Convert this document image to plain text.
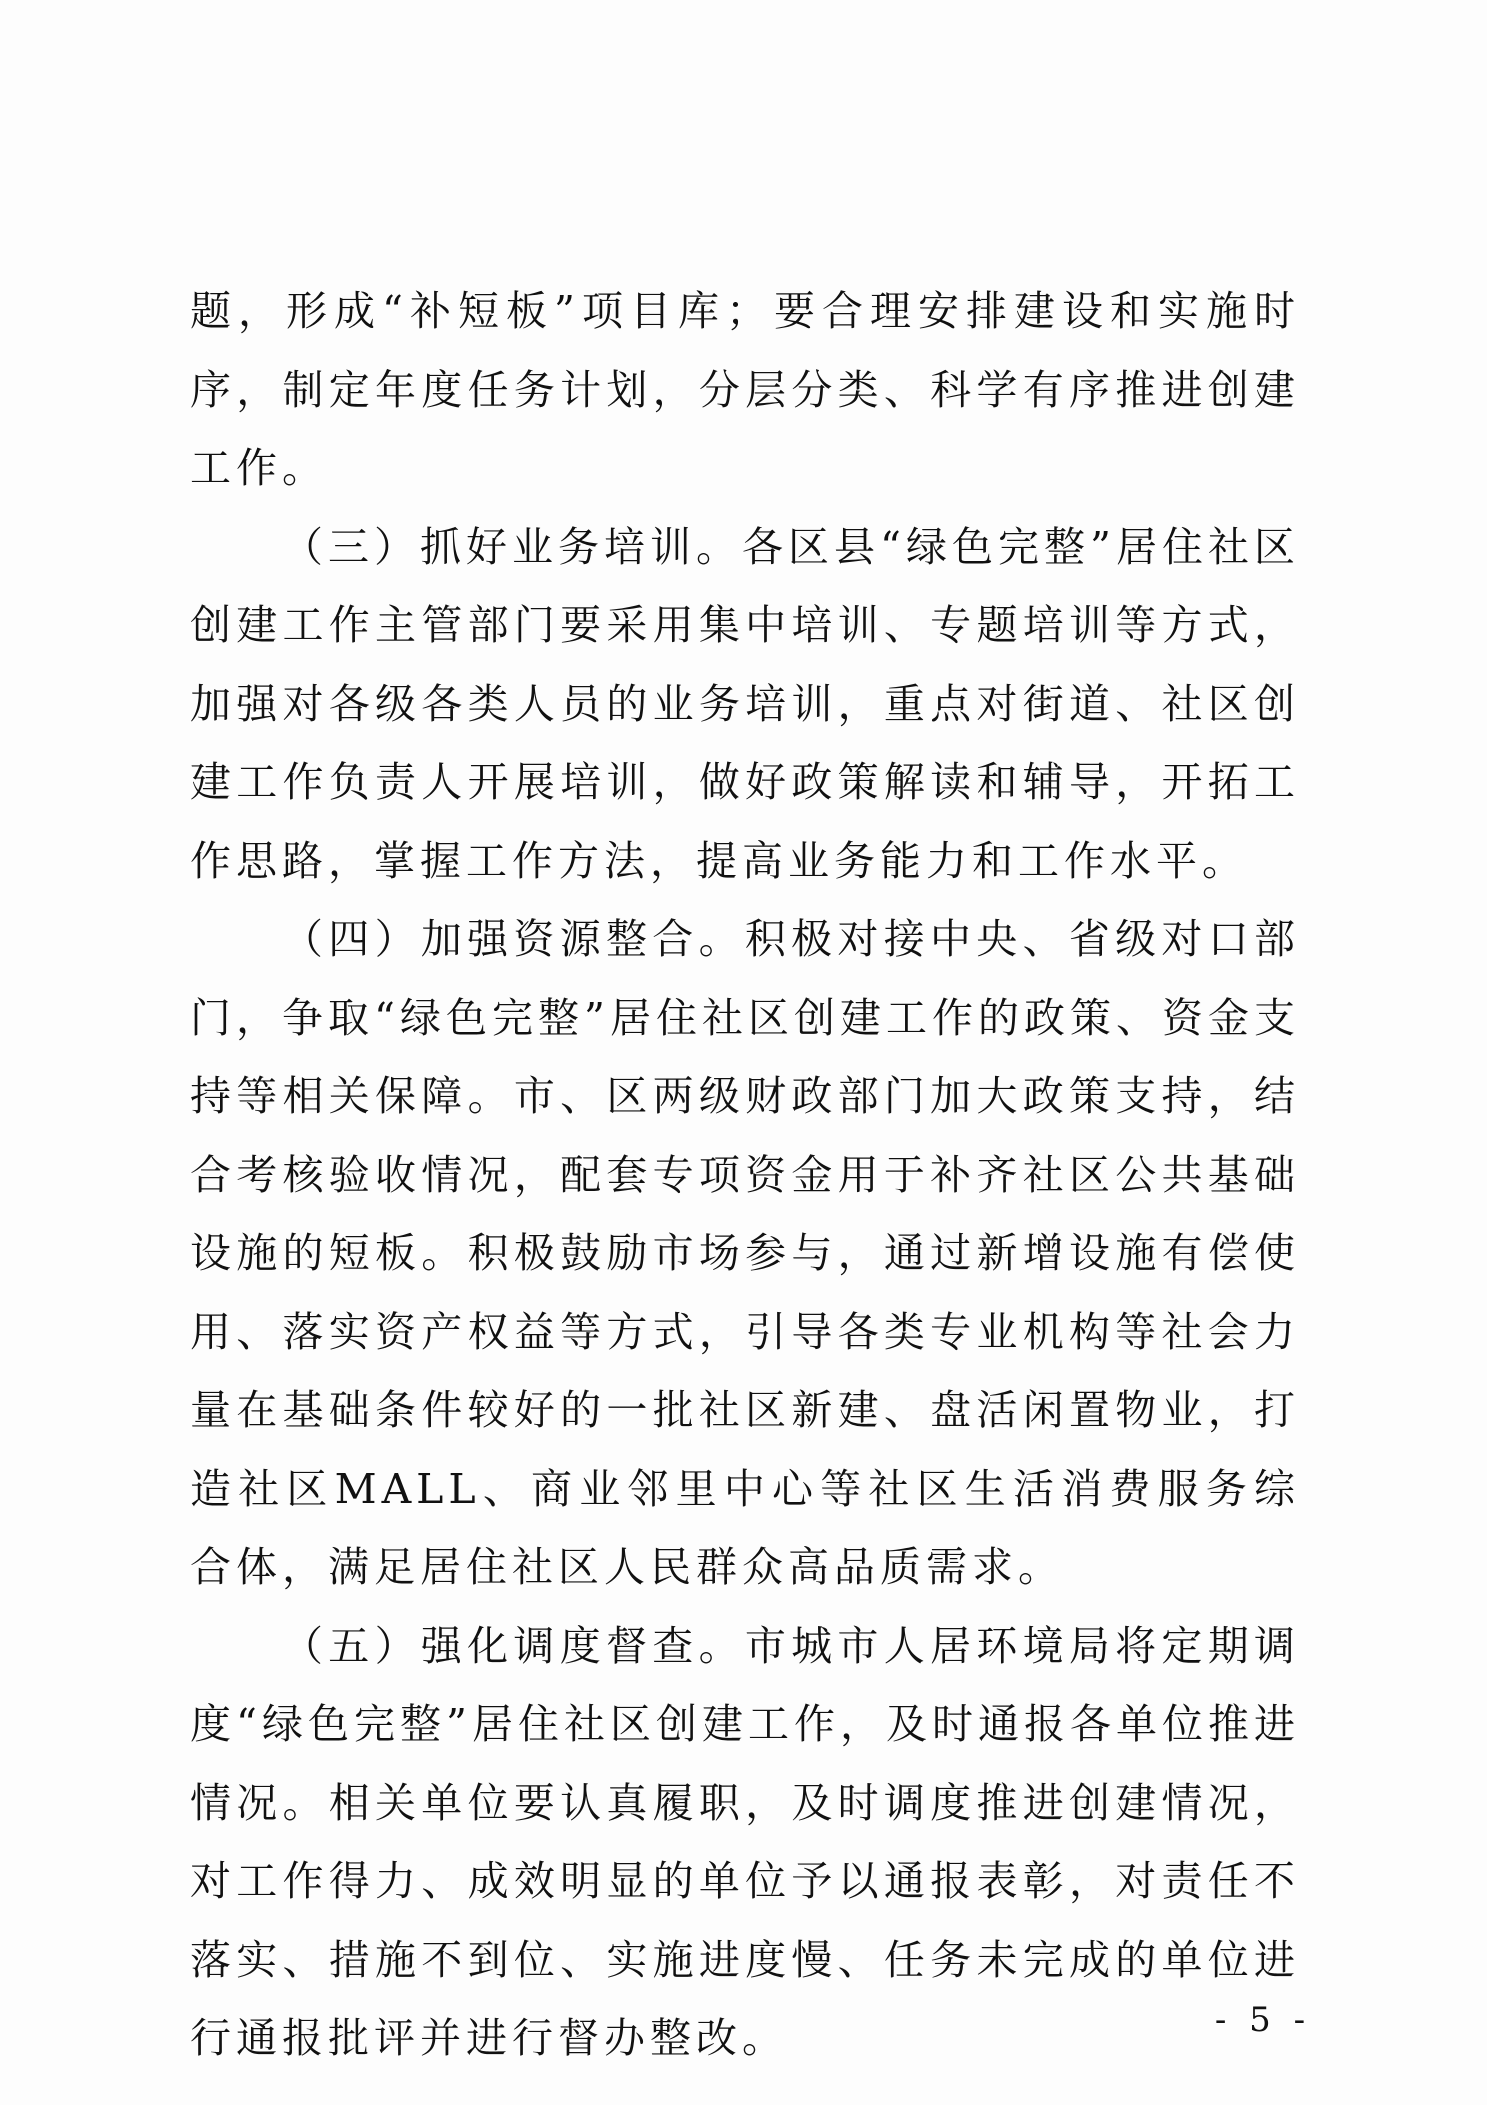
题，形成“补短板”项目库；要合理安排建设和实施时序，制定年度任务计划，分层分类、科学有序推进创建工作。

（三）抓好业务培训。各区县“绿色完整”居住社区创建工作主管部门要采用集中培训、专题培训等方式，加强对各级各类人员的业务培训，重点对街道、社区创建工作负责人开展培训，做好政策解读和辅导，开拓工作思路，掌握工作方法，提高业务能力和工作水平。

（四）加强资源整合。积极对接中央、省级对口部门，争取“绿色完整”居住社区创建工作的政策、资金支持等相关保障。市、区两级财政部门加大政策支持，结合考核验收情况，配套专项资金用于补齐社区公共基础设施的短板。积极鼓励市场参与，通过新增设施有偿使用、落实资产权益等方式，引导各类专业机构等社会力量在基础条件较好的一批社区新建、盘活闲置物业，打造社区MALL、商业邻里中心等社区生活消费服务综合体，满足居住社区人民群众高品质需求。

（五）强化调度督查。市城市人居环境局将定期调度“绿色完整”居住社区创建工作，及时通报各单位推进情况。相关单位要认真履职，及时调度推进创建情况，对工作得力、成效明显的单位予以通报表彰，对责任不落实、措施不到位、实施进度慢、任务未完成的单位进行通报批评并进行督办整改。	- 5 -
